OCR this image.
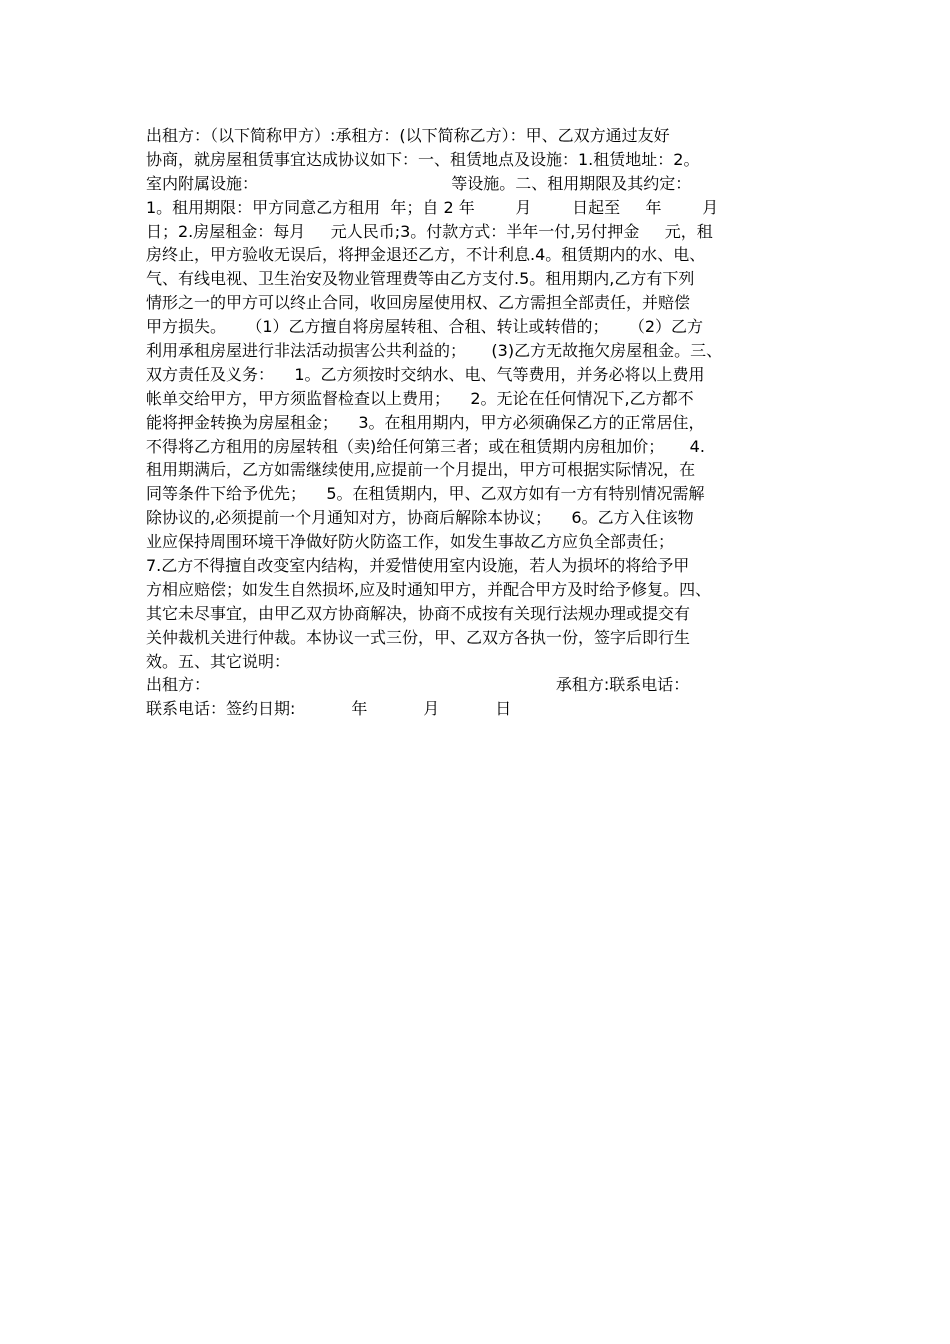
出租方：（以下简称甲方）:承租方：(以下简称乙方）：甲、乙双方通过友好
协商，就房屋租赁事宜达成协议如下：一、租赁地点及设施：1.租赁地址：2。
室内附属设施：                                      等设施。二、租用期限及其约定：
1。租用期限：甲方同意乙方租用  年；自 2 年        月        日起至     年        月
日；2.房屋租金：每月     元人民币;3。付款方式：半年一付,另付押金     元，租
房终止，甲方验收无误后，将押金退还乙方，不计利息.4。租赁期内的水、电、
气、有线电视、卫生治安及物业管理费等由乙方支付.5。租用期内,乙方有下列
情形之一的甲方可以终止合同，收回房屋使用权、乙方需担全部责任，并赔偿
甲方损失。    （1）乙方擅自将房屋转租、合租、转让或转借的；    （2）乙方
利用承租房屋进行非法活动损害公共利益的；     (3)乙方无故拖欠房屋租金。三、
双方责任及义务：    1。乙方须按时交纳水、电、气等费用，并务必将以上费用
帐单交给甲方，甲方须监督检查以上费用；    2。无论在任何情况下,乙方都不
能将押金转换为房屋租金；    3。在租用期内，甲方必须确保乙方的正常居住，
不得将乙方租用的房屋转租（卖)给任何第三者；或在租赁期内房租加价；     4.
租用期满后，乙方如需继续使用,应提前一个月提出，甲方可根据实际情况，在
同等条件下给予优先；    5。在租赁期内，甲、乙双方如有一方有特别情况需解
除协议的,必须提前一个月通知对方，协商后解除本协议；    6。乙方入住该物
业应保持周围环境干净做好防火防盗工作，如发生事故乙方应负全部责任；
7.乙方不得擅自改变室内结构，并爱惜使用室内设施，若人为损坏的将给予甲
方相应赔偿；如发生自然损坏,应及时通知甲方，并配合甲方及时给予修复。四、
其它未尽事宜，由甲乙双方协商解决，协商不成按有关现行法规办理或提交有
关仲裁机关进行仲裁。本协议一式三份，甲、乙双方各执一份，签字后即行生
效。五、其它说明：
出租方：                                                                    承租方:联系电话：
联系电话：签约日期:           年           月           日
